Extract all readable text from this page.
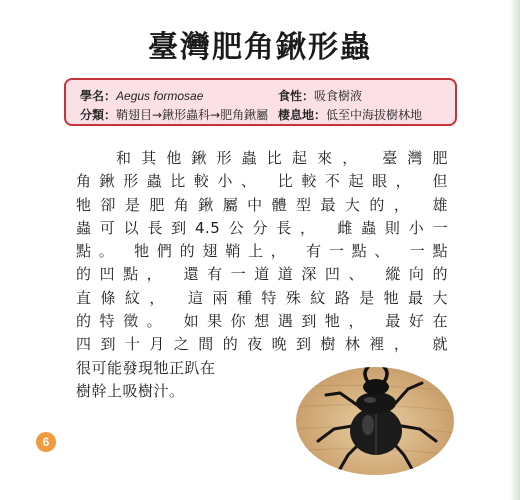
臺灣肥角鍬形蟲
學名：Aegus formosae	食性：吸食樹液
分類：鞘翅目→鍬形蟲科→肥角鍬屬 棲息地：低至中海拔樹林地
和其他鍬形蟲比起來， 臺灣肥
角鍬形蟲比較小、 比較不起眼， 但
牠卻是肥角鍬屬中體型最大的， 雄
蟲可以長到4.5公分長， 雌蟲則小一
點。 牠們的翅鞘上， 有一點、 一點
的凹點， 還有一道道深凹、 縱向的
直條紋， 這兩種特殊紋路是牠最大
的特徵。 如果你想遇到牠， 最好在
四到十月之間的夜晚到樹林裡， 就
很可能發現牠正趴在
樹幹上吸樹汁。
6
